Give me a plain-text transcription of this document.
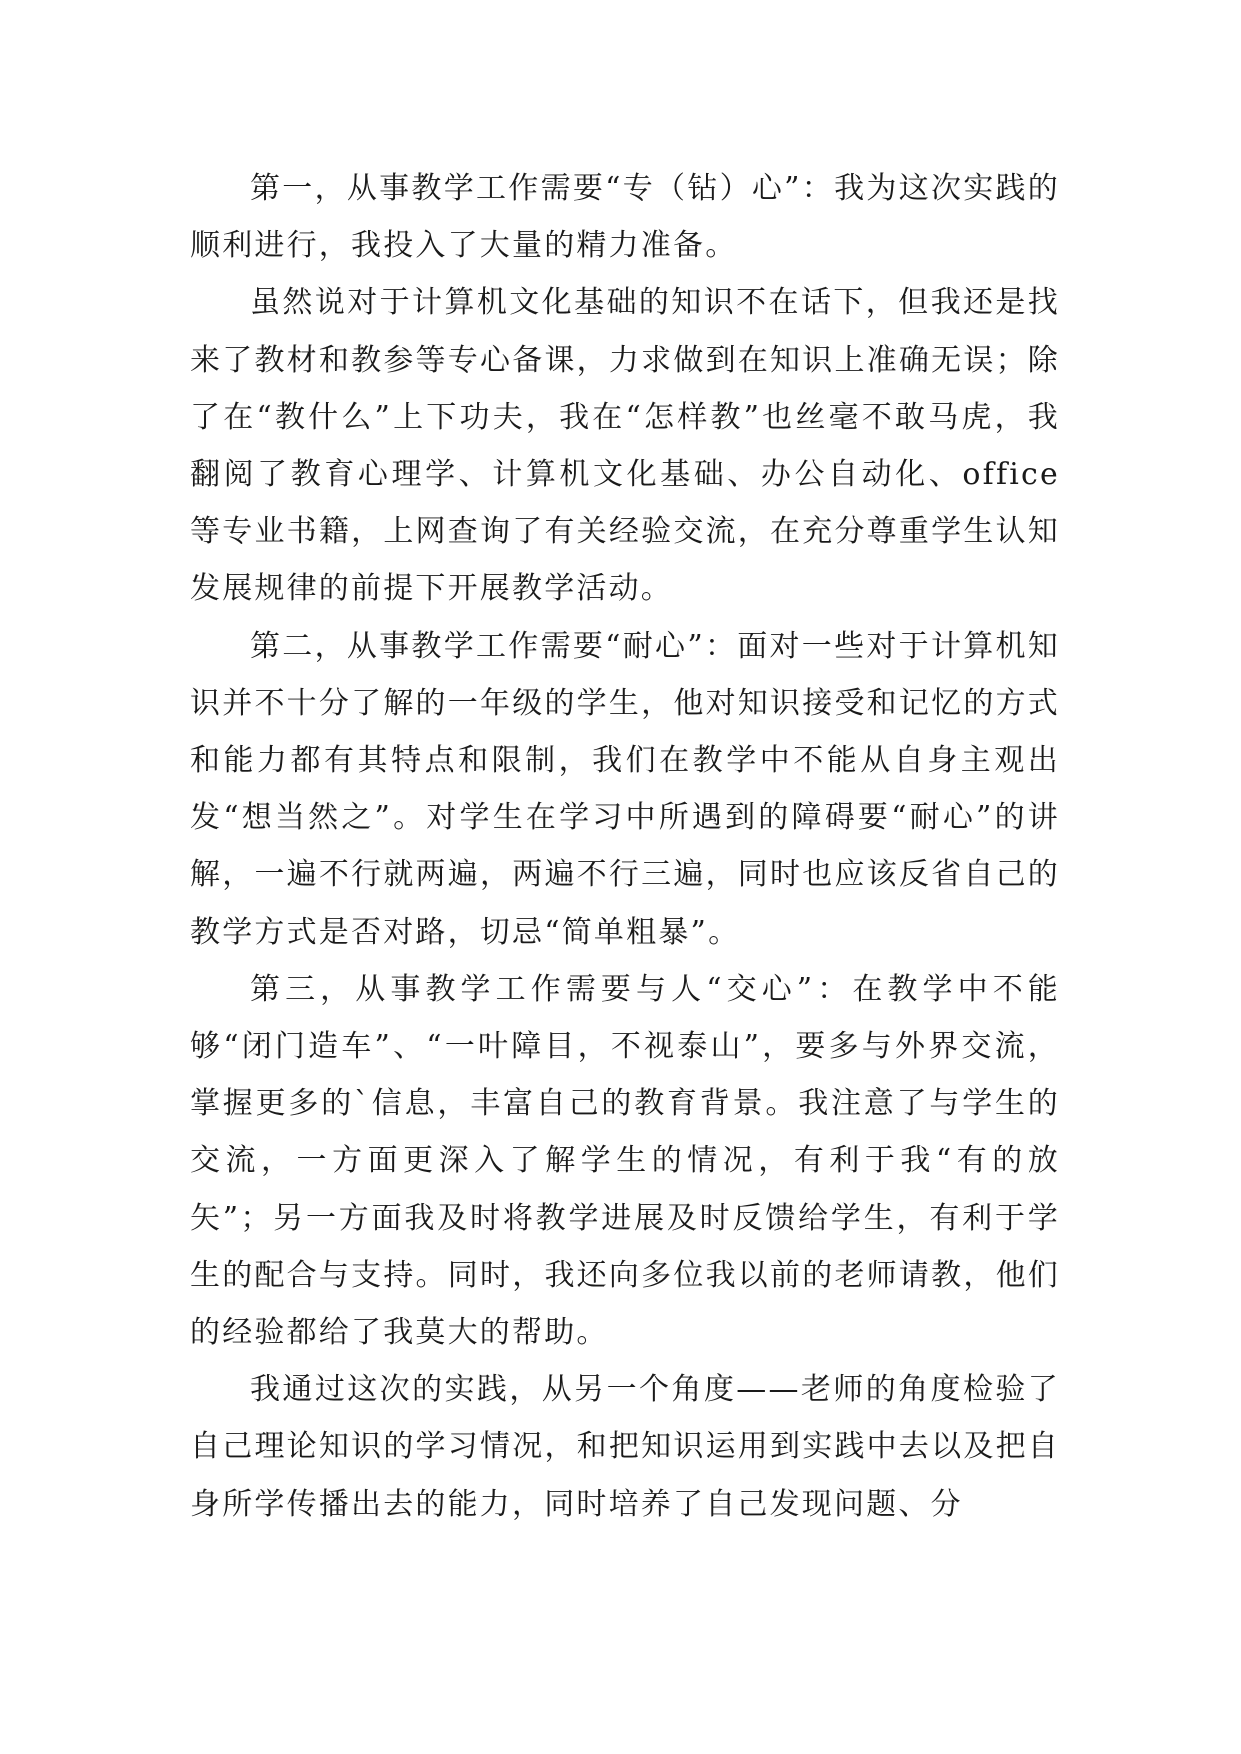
第一，从事教学工作需要“专（钻）心”：我为这次实践的顺利进行，我投入了大量的精力准备。

虽然说对于计算机文化基础的知识不在话下，但我还是找来了教材和教参等专心备课，力求做到在知识上准确无误；除了在“教什么”上下功夫，我在“怎样教”也丝毫不敢马虎，我翻阅了教育心理学、计算机文化基础、办公自动化、office等专业书籍，上网查询了有关经验交流，在充分尊重学生认知发展规律的前提下开展教学活动。

第二，从事教学工作需要“耐心”：面对一些对于计算机知识并不十分了解的一年级的学生，他对知识接受和记忆的方式和能力都有其特点和限制，我们在教学中不能从自身主观出发“想当然之”。对学生在学习中所遇到的障碍要“耐心”的讲解，一遍不行就两遍，两遍不行三遍，同时也应该反省自己的教学方式是否对路，切忌“简单粗暴”。

第三，从事教学工作需要与人“交心”：在教学中不能够“闭门造车”、“一叶障目，不视泰山”，要多与外界交流，掌握更多的`信息，丰富自己的教育背景。我注意了与学生的交流，一方面更深入了解学生的情况，有利于我“有的放矢”；另一方面我及时将教学进展及时反馈给学生，有利于学生的配合与支持。同时，我还向多位我以前的老师请教，他们的经验都给了我莫大的帮助。

我通过这次的实践，从另一个角度——老师的角度检验了自己理论知识的学习情况，和把知识运用到实践中去以及把自身所学传播出去的能力，同时培养了自己发现问题、分
